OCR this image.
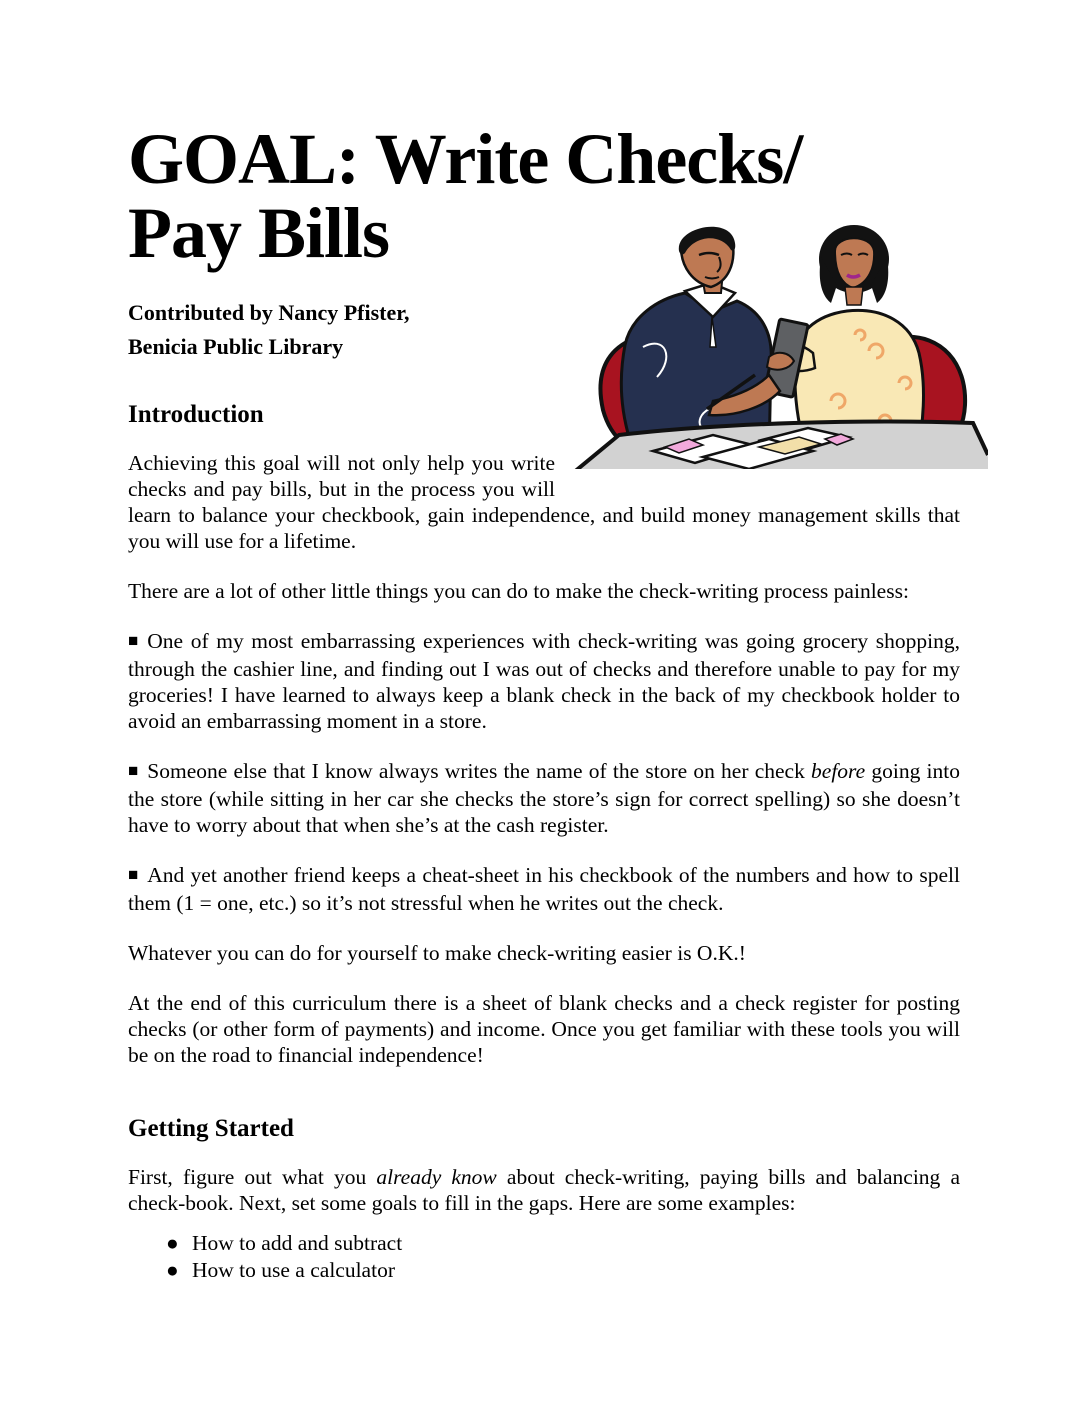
GOAL: Write Checks/
Pay Bills

Contributed by Nancy Pfister,
Benicia Public Library

Introduction

Achieving this goal will not only help you write checks and pay bills, but in the process you will learn to balance your checkbook, gain independence, and build money management skills that you will use for a lifetime.

There are a lot of other little things you can do to make the check-writing process painless:

■ One of my most embarrassing experiences with check-writing was going grocery shopping, through the cashier line, and finding out I was out of checks and therefore unable to pay for my groceries! I have learned to always keep a blank check in the back of my checkbook holder to avoid an embarrassing moment in a store.

■ Someone else that I know always writes the name of the store on her check before going into the store (while sitting in her car she checks the store’s sign for correct spelling) so she doesn’t have to worry about that when she’s at the cash register.

■ And yet another friend keeps a cheat-sheet in his checkbook of the numbers and how to spell them (1 = one, etc.) so it’s not stressful when he writes out the check.

Whatever you can do for yourself to make check-writing easier is O.K.!

At the end of this curriculum there is a sheet of blank checks and a check register for posting checks (or other form of payments) and income. Once you get familiar with these tools you will be on the road to financial independence!

Getting Started

First, figure out what you already know about check-writing, paying bills and balancing a check-book. Next, set some goals to fill in the gaps. Here are some examples:

● How to add and subtract
● How to use a calculator
